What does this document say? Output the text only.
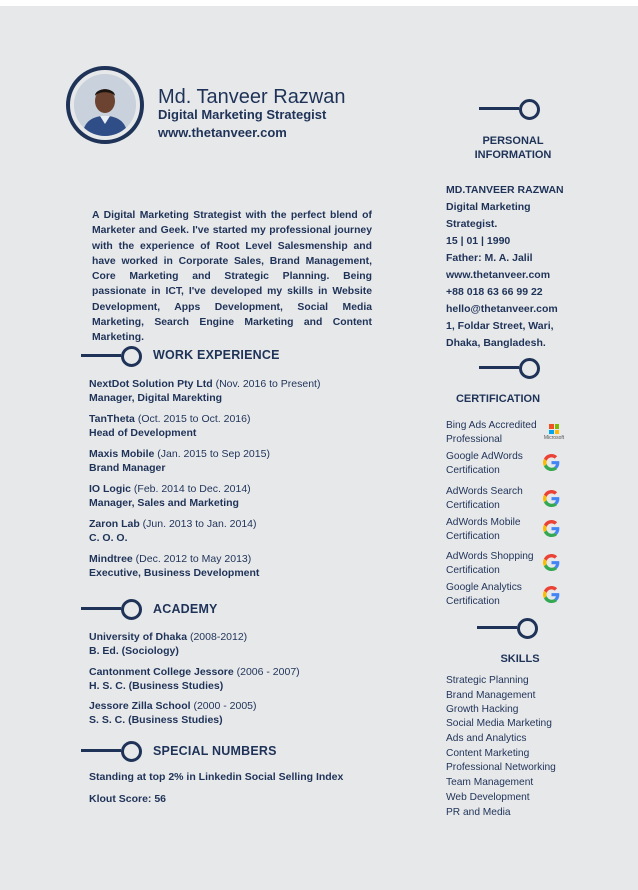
Md. Tanveer Razwan
Digital Marketing Strategist
www.thetanveer.com
A Digital Marketing Strategist with the perfect blend of Marketer and Geek. I've started my professional journey with the experience of Root Level Salesmenship and have worked in Corporate Sales, Brand Management, Core Marketing and Strategic Planning. Being passionate in ICT, I've developed my skills in Website Development, Apps Development, Social Media Marketing, Search Engine Marketing and Content Marketing.
WORK EXPERIENCE
NextDot Solution Pty Ltd (Nov. 2016 to Present)
Manager, Digital Marekting
TanTheta (Oct. 2015 to Oct. 2016)
Head of Development
Maxis Mobile (Jan. 2015 to Sep 2015)
Brand Manager
IO Logic (Feb. 2014 to Dec. 2014)
Manager, Sales and Marketing
Zaron Lab (Jun. 2013 to Jan. 2014)
C. O. O.
Mindtree (Dec. 2012 to May 2013)
Executive, Business Development
ACADEMY
University of Dhaka (2008-2012)
B. Ed. (Sociology)
Cantonment College Jessore (2006 - 2007)
H. S. C. (Business Studies)
Jessore Zilla School (2000 - 2005)
S. S. C. (Business Studies)
SPECIAL NUMBERS
Standing at top 2% in Linkedin Social Selling Index
Klout Score: 56
PERSONAL
INFORMATION
MD.TANVEER RAZWAN
Digital Marketing
Strategist.
15 | 01 | 1990
Father: M. A. Jalil
www.thetanveer.com
+88 018 63 66 99 22
hello@thetanveer.com
1, Foldar Street, Wari,
Dhaka, Bangladesh.
CERTIFICATION
Bing Ads Accredited
Professional	Microsoft
Google AdWords
Certification
AdWords Search
Certification
AdWords Mobile
Certification
AdWords Shopping
Certification
Google Analytics
Certification
SKILLS
Strategic Planning
Brand Management
Growth Hacking
Social Media Marketing
Ads and Analytics
Content Marketing
Professional Networking
Team Management
Web Development
PR and Media
